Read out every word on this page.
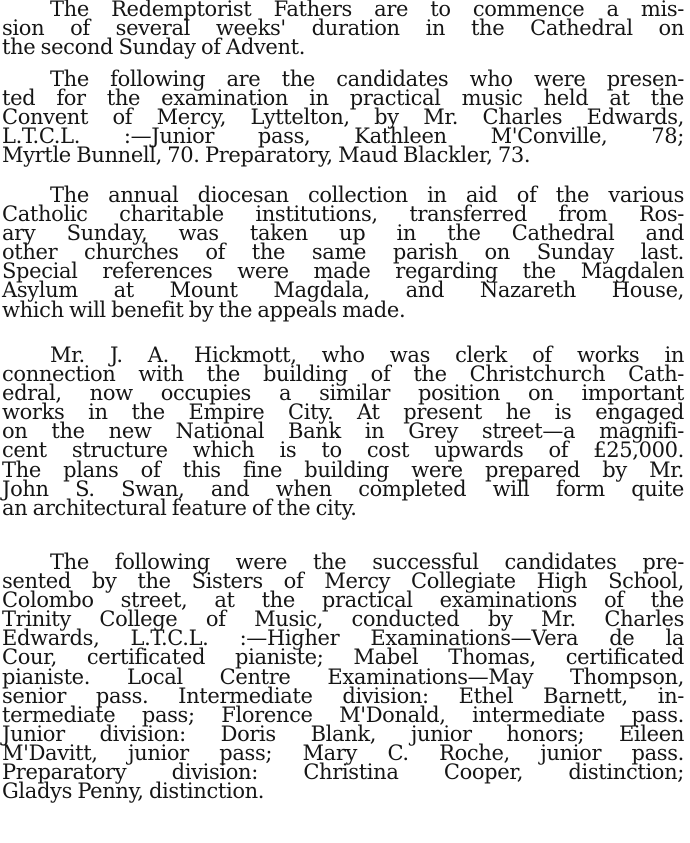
The Redemptorist Fathers are to commence a mis-
sion of several weeks' duration in the Cathedral on
the second Sunday of Advent.
The following are the candidates who were presen-
ted for the examination in practical music held at the
Convent of Mercy, Lyttelton, by Mr. Charles Edwards,
L.T.C.L. :—Junior pass, Kathleen M'Conville, 78;
Myrtle Bunnell, 70. Preparatory, Maud Blackler, 73.
The annual diocesan collection in aid of the various
Catholic charitable institutions, transferred from Ros-
ary Sunday, was taken up in the Cathedral and
other churches of the same parish on Sunday last.
Special references were made regarding the Magdalen
Asylum at Mount Magdala, and Nazareth House,
which will benefit by the appeals made.
Mr. J. A. Hickmott, who was clerk of works in
connection with the building of the Christchurch Cath-
edral, now occupies a similar position on important
works in the Empire City. At present he is engaged
on the new National Bank in Grey street—a magnifi-
cent structure which is to cost upwards of £25,000.
The plans of this fine building were prepared by Mr.
John S. Swan, and when completed will form quite
an architectural feature of the city.
The following were the successful candidates pre-
sented by the Sisters of Mercy Collegiate High School,
Colombo street, at the practical examinations of the
Trinity College of Music, conducted by Mr. Charles
Edwards, L.T.C.L. :—Higher Examinations—Vera de la
Cour, certificated pianiste; Mabel Thomas, certificated
pianiste. Local Centre Examinations—May Thompson,
senior pass. Intermediate division: Ethel Barnett, in-
termediate pass; Florence M'Donald, intermediate pass.
Junior division: Doris Blank, junior honors; Eileen
M'Davitt, junior pass; Mary C. Roche, junior pass.
Preparatory division: Christina Cooper, distinction;
Gladys Penny, distinction.
